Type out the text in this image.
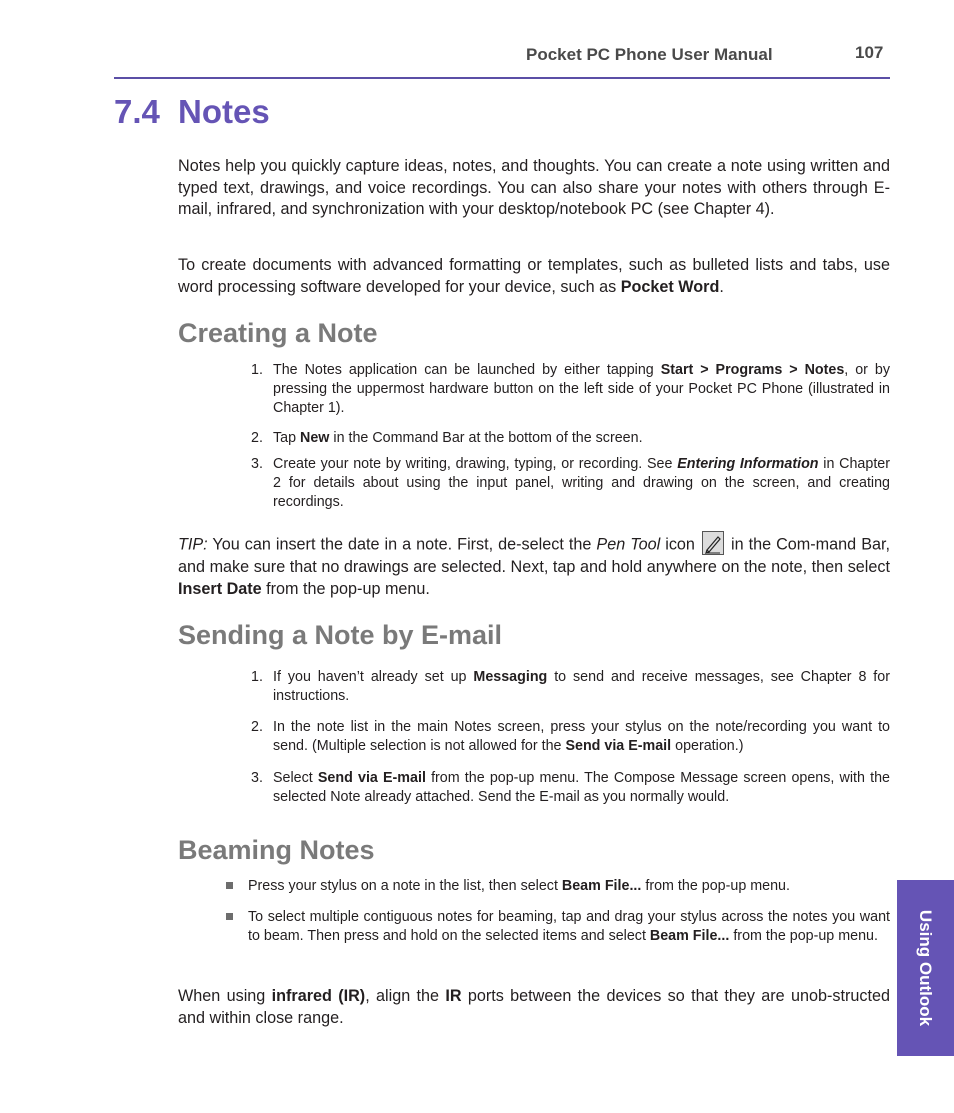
Pocket PC Phone User Manual	107
7.4 Notes

Notes help you quickly capture ideas, notes, and thoughts. You can create a note using written and typed text, drawings, and voice recordings. You can also share your notes with others through E-mail, infrared, and synchronization with your desktop/notebook PC (see Chapter 4).

To create documents with advanced formatting or templates, such as bulleted lists and tabs, use word processing software developed for your device, such as Pocket Word.

Creating a Note
1. The Notes application can be launched by either tapping Start > Programs > Notes, or by pressing the uppermost hardware button on the left side of your Pocket PC Phone (illustrated in Chapter 1).
2. Tap New in the Command Bar at the bottom of the screen.
3. Create your note by writing, drawing, typing, or recording. See Entering Information in Chapter 2 for details about using the input panel, writing and drawing on the screen, and creating recordings.

TIP: You can insert the date in a note. First, de-select the Pen Tool icon  in the Com-mand Bar, and make sure that no drawings are selected. Next, tap and hold anywhere on the note, then select Insert Date from the pop-up menu.

Sending a Note by E-mail
1. If you haven’t already set up Messaging to send and receive messages, see Chapter 8 for instructions.
2. In the note list in the main Notes screen, press your stylus on the note/recording you want to send. (Multiple selection is not allowed for the Send via E-mail operation.)
3. Select Send via E-mail from the pop-up menu. The Compose Message screen opens, with the selected Note already attached. Send the E-mail as you normally would.
Beaming Notes
Press your stylus on a note in the list, then select Beam File... from the pop-up menu.
To select multiple contiguous notes for beaming, tap and drag your stylus across the notes you want to beam. Then press and hold on the selected items and select Beam File... from the pop-up menu.

When using infrared (IR), align the IR ports between the devices so that they are unob-structed and within close range.	Using Outlook
